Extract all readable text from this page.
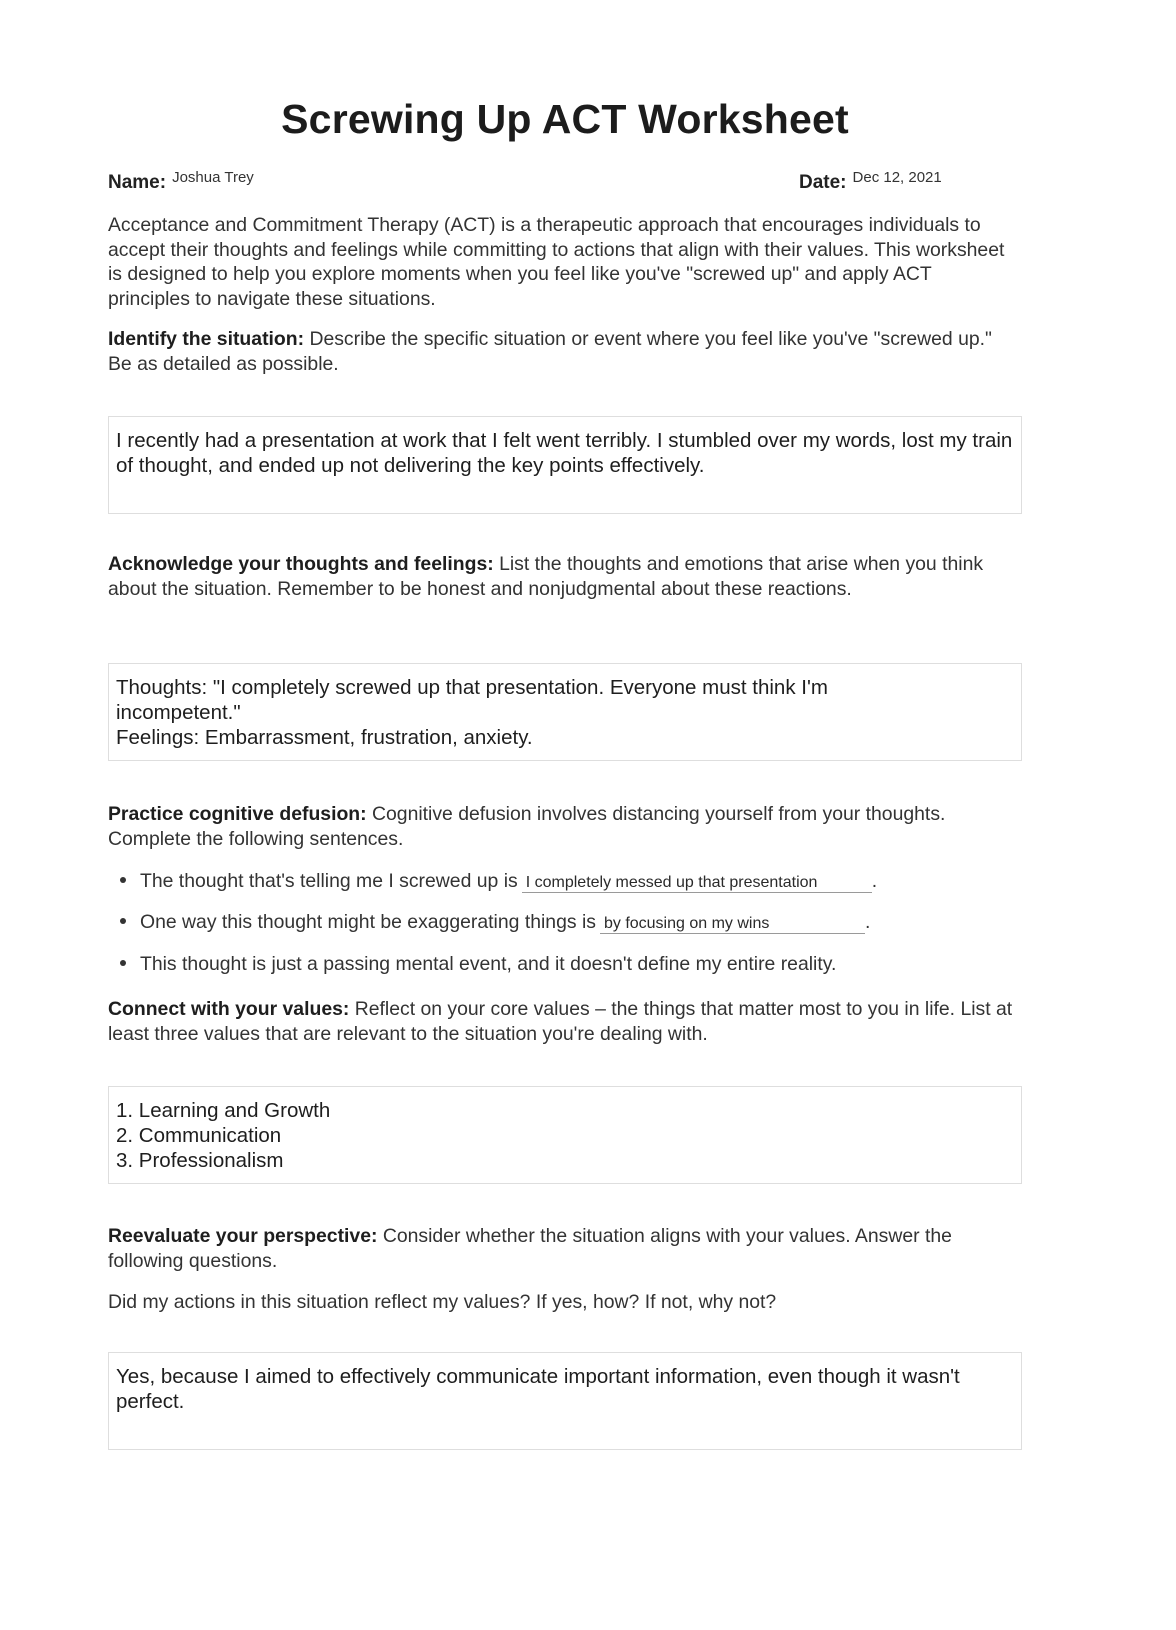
Screwing Up ACT Worksheet
Name: Joshua Trey	Date: Dec 12, 2021
Acceptance and Commitment Therapy (ACT) is a therapeutic approach that encourages individuals to accept their thoughts and feelings while committing to actions that align with their values. This worksheet is designed to help you explore moments when you feel like you've "screwed up" and apply ACT principles to navigate these situations.
Identify the situation: Describe the specific situation or event where you feel like you've "screwed up." Be as detailed as possible.
I recently had a presentation at work that I felt went terribly. I stumbled over my words, lost my train of thought, and ended up not delivering the key points effectively.
Acknowledge your thoughts and feelings: List the thoughts and emotions that arise when you think about the situation. Remember to be honest and nonjudgmental about these reactions.
Thoughts: "I completely screwed up that presentation. Everyone must think I'm incompetent."
Feelings: Embarrassment, frustration, anxiety.
Practice cognitive defusion: Cognitive defusion involves distancing yourself from your thoughts. Complete the following sentences.
The thought that's telling me I screwed up is I completely messed up that presentation	.
One way this thought might be exaggerating things is by focusing on my wins	.
This thought is just a passing mental event, and it doesn't define my entire reality.
Connect with your values: Reflect on your core values – the things that matter most to you in life. List at least three values that are relevant to the situation you're dealing with.
1. Learning and Growth
2. Communication
3. Professionalism
Reevaluate your perspective: Consider whether the situation aligns with your values. Answer the following questions.
Did my actions in this situation reflect my values? If yes, how? If not, why not?
Yes, because I aimed to effectively communicate important information, even though it wasn't perfect.
